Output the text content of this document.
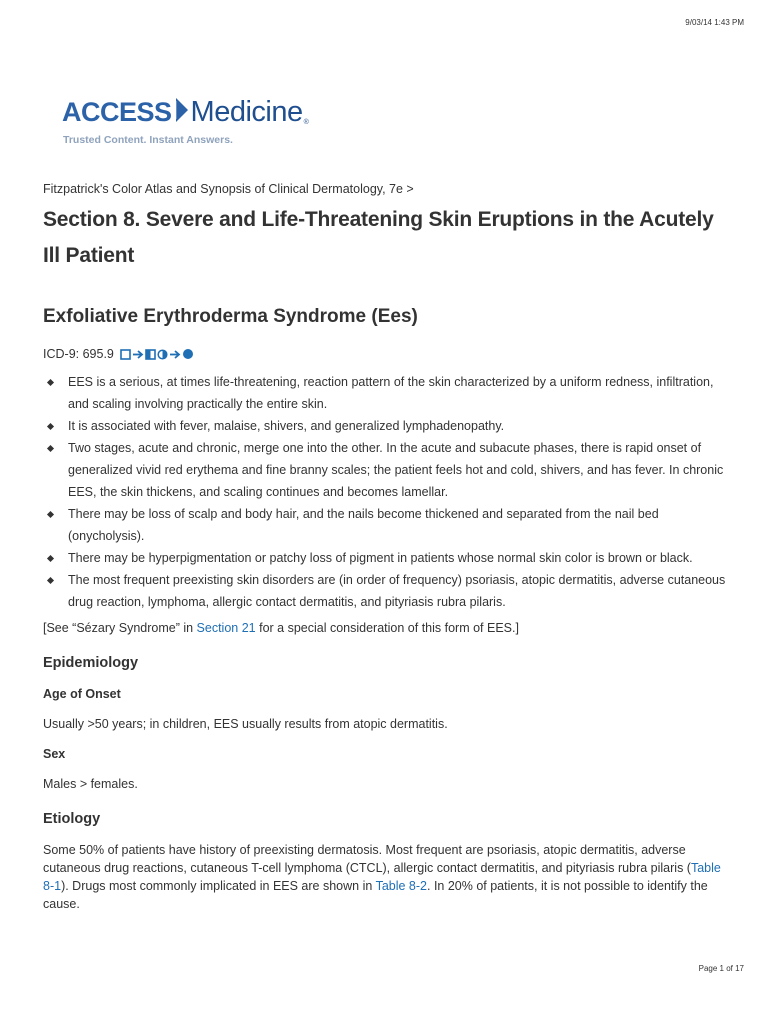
9/03/14 1:43 PM
ACCESS Medicine ®
Trusted Content. Instant Answers.
Fitzpatrick's Color Atlas and Synopsis of Clinical Dermatology, 7e >
Section 8. Severe and Life-Threatening Skin Eruptions in the Acutely Ill Patient
Exfoliative Erythroderma Syndrome (Ees)
ICD-9: 695.9
EES is a serious, at times life-threatening, reaction pattern of the skin characterized by a uniform redness, infiltration, and scaling involving practically the entire skin.
It is associated with fever, malaise, shivers, and generalized lymphadenopathy.
Two stages, acute and chronic, merge one into the other. In the acute and subacute phases, there is rapid onset of generalized vivid red erythema and fine branny scales; the patient feels hot and cold, shivers, and has fever. In chronic EES, the skin thickens, and scaling continues and becomes lamellar.
There may be loss of scalp and body hair, and the nails become thickened and separated from the nail bed (onycholysis).
There may be hyperpigmentation or patchy loss of pigment in patients whose normal skin color is brown or black.
The most frequent preexisting skin disorders are (in order of frequency) psoriasis, atopic dermatitis, adverse cutaneous drug reaction, lymphoma, allergic contact dermatitis, and pityriasis rubra pilaris.
[See “Sézary Syndrome” in Section 21 for a special consideration of this form of EES.]
Epidemiology
Age of Onset

Usually >50 years; in children, EES usually results from atopic dermatitis.

Sex

Males > females.

Etiology

Some 50% of patients have history of preexisting dermatosis. Most frequent are psoriasis, atopic dermatitis, adverse cutaneous drug reactions, cutaneous T-cell lymphoma (CTCL), allergic contact dermatitis, and pityriasis rubra pilaris (Table 8-1). Drugs most commonly implicated in EES are shown in Table 8-2. In 20% of patients, it is not possible to identify the cause.

Page 1 of 17
